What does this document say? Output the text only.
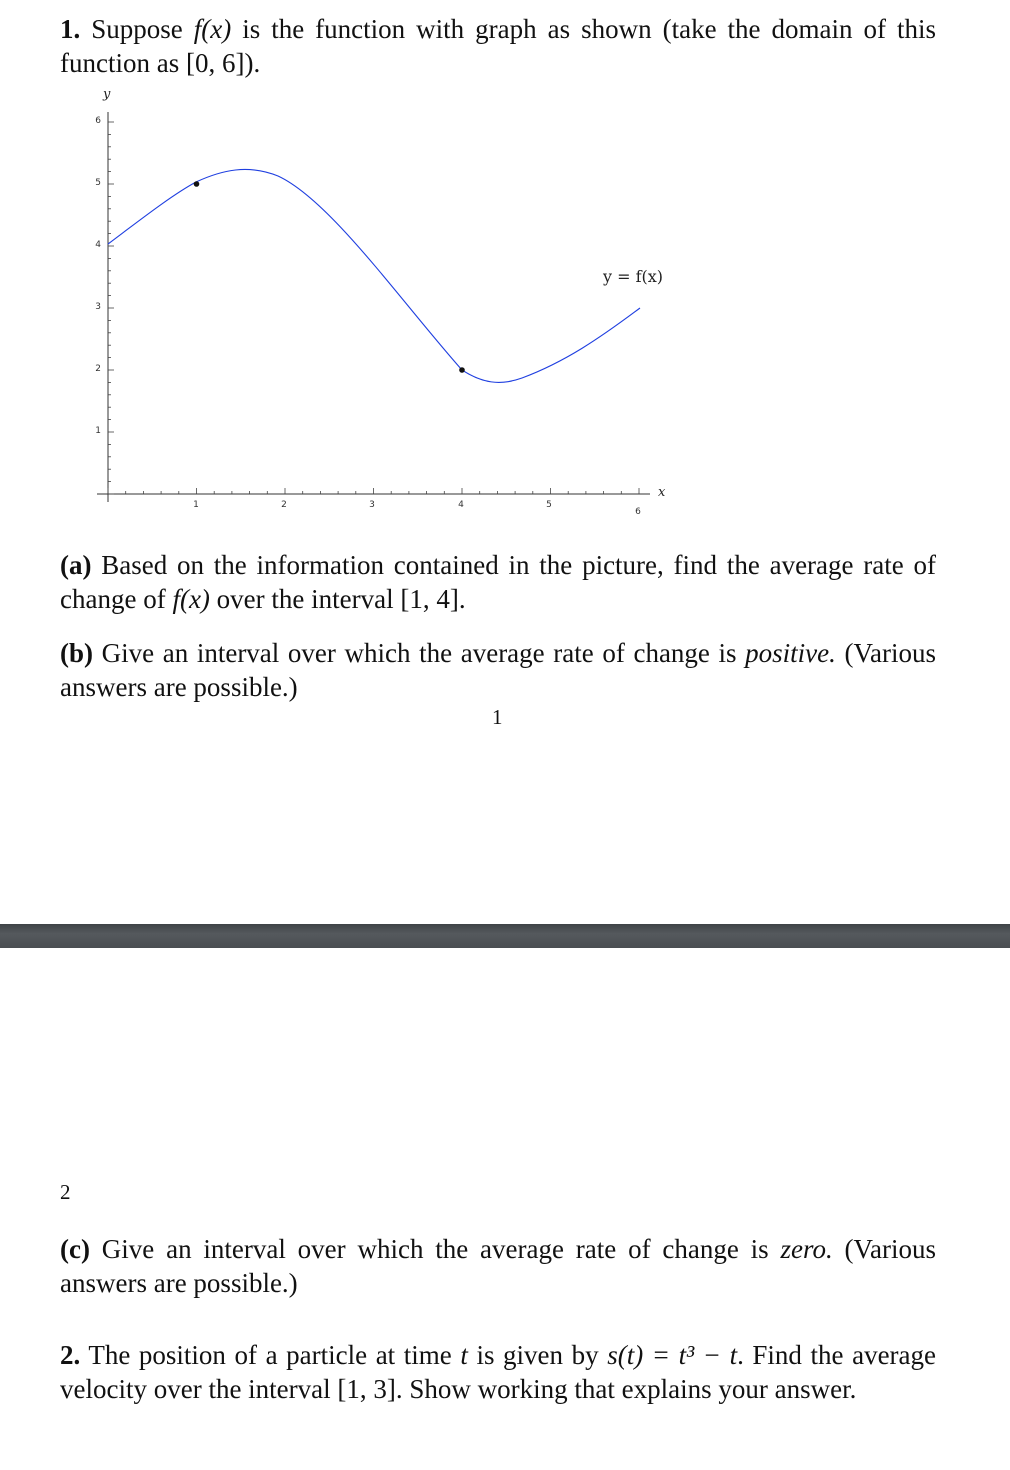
1. Suppose f(x) is the function with graph as shown (take the domain of this function as [0, 6]).
y
x
6
5
4
3
2
1
1	2	3	4	5
6
y = f(x)
(a) Based on the information contained in the picture, find the average rate of change of f(x) over the interval [1, 4].
(b) Give an interval over which the average rate of change is positive. (Various answers are possible.)
1
2
(c) Give an interval over which the average rate of change is zero. (Various answers are possible.)
2. The position of a particle at time t is given by s(t) = t³ − t. Find the average velocity over the interval [1, 3]. Show working that explains your answer.
